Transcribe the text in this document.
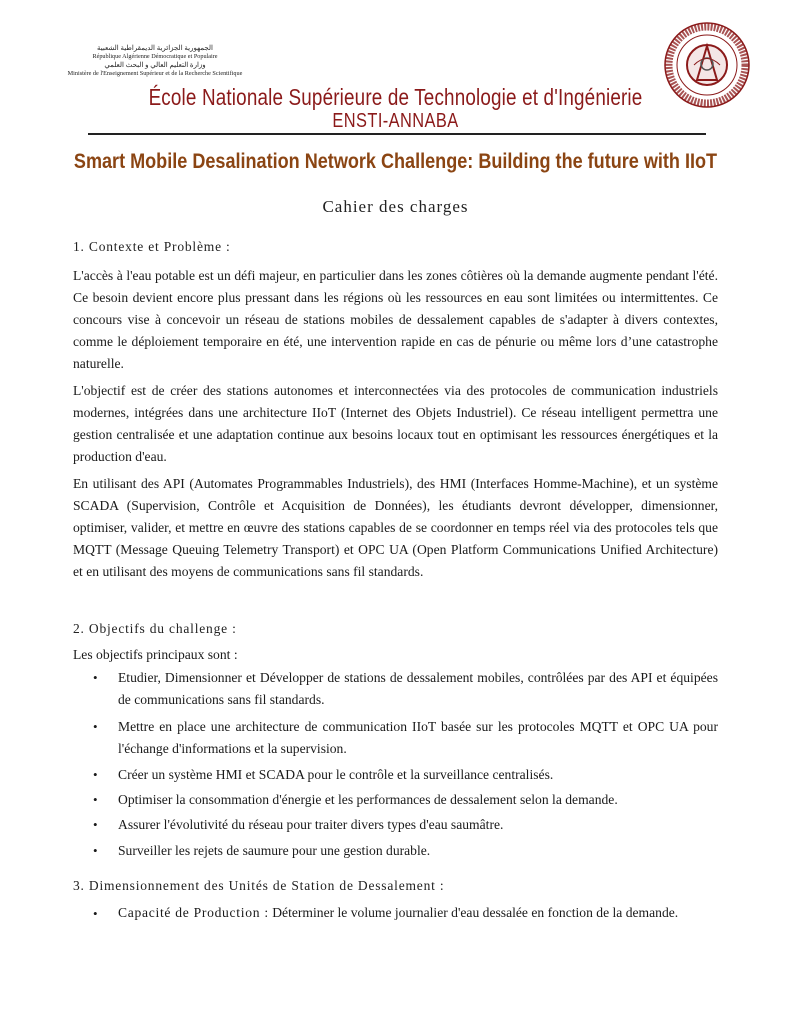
الجمهورية الجزائرية الديمقراطية الشعبية
République Algérienne Démocratique et Populaire
وزارة التعليم العالي و البحث العلمي
Ministère de l'Enseignement Supérieur et de la Recherche Scientifique
École Nationale Supérieure de Technologie et d'Ingénierie
ENSTI-ANNABA
Smart Mobile Desalination Network Challenge: Building the future with IIoT
Cahier des charges
1. Contexte et Problème :
L'accès à l'eau potable est un défi majeur, en particulier dans les zones côtières où la demande augmente pendant l'été. Ce besoin devient encore plus pressant dans les régions où les ressources en eau sont limitées ou intermittentes. Ce concours vise à concevoir un réseau de stations mobiles de dessalement capables de s'adapter à divers contextes, comme le déploiement temporaire en été, une intervention rapide en cas de pénurie ou même lors d’une catastrophe naturelle.
L'objectif est de créer des stations autonomes et interconnectées via des protocoles de communication industriels modernes, intégrées dans une architecture IIoT (Internet des Objets Industriel). Ce réseau intelligent permettra une gestion centralisée et une adaptation continue aux besoins locaux tout en optimisant les ressources énergétiques et la production d'eau.
En utilisant des API (Automates Programmables Industriels), des HMI (Interfaces Homme-Machine), et un système SCADA (Supervision, Contrôle et Acquisition de Données), les étudiants devront développer, dimensionner, optimiser, valider, et mettre en œuvre des stations capables de se coordonner en temps réel via des protocoles tels que MQTT (Message Queuing Telemetry Transport) et OPC UA (Open Platform Communications Unified Architecture) et en utilisant des moyens de communications sans fil standards.
2. Objectifs du challenge :
Les objectifs principaux sont :
• Etudier, Dimensionner et Développer de stations de dessalement mobiles, contrôlées par des API et équipées de communications sans fil standards.
• Mettre en place une architecture de communication IIoT basée sur les protocoles MQTT et OPC UA pour l'échange d'informations et la supervision.
• Créer un système HMI et SCADA pour le contrôle et la surveillance centralisés.
• Optimiser la consommation d'énergie et les performances de dessalement selon la demande.
• Assurer l'évolutivité du réseau pour traiter divers types d'eau saumâtre.
• Surveiller les rejets de saumure pour une gestion durable.
3. Dimensionnement des Unités de Station de Dessalement :
• Capacité de Production : Déterminer le volume journalier d'eau dessalée en fonction de la demande.
